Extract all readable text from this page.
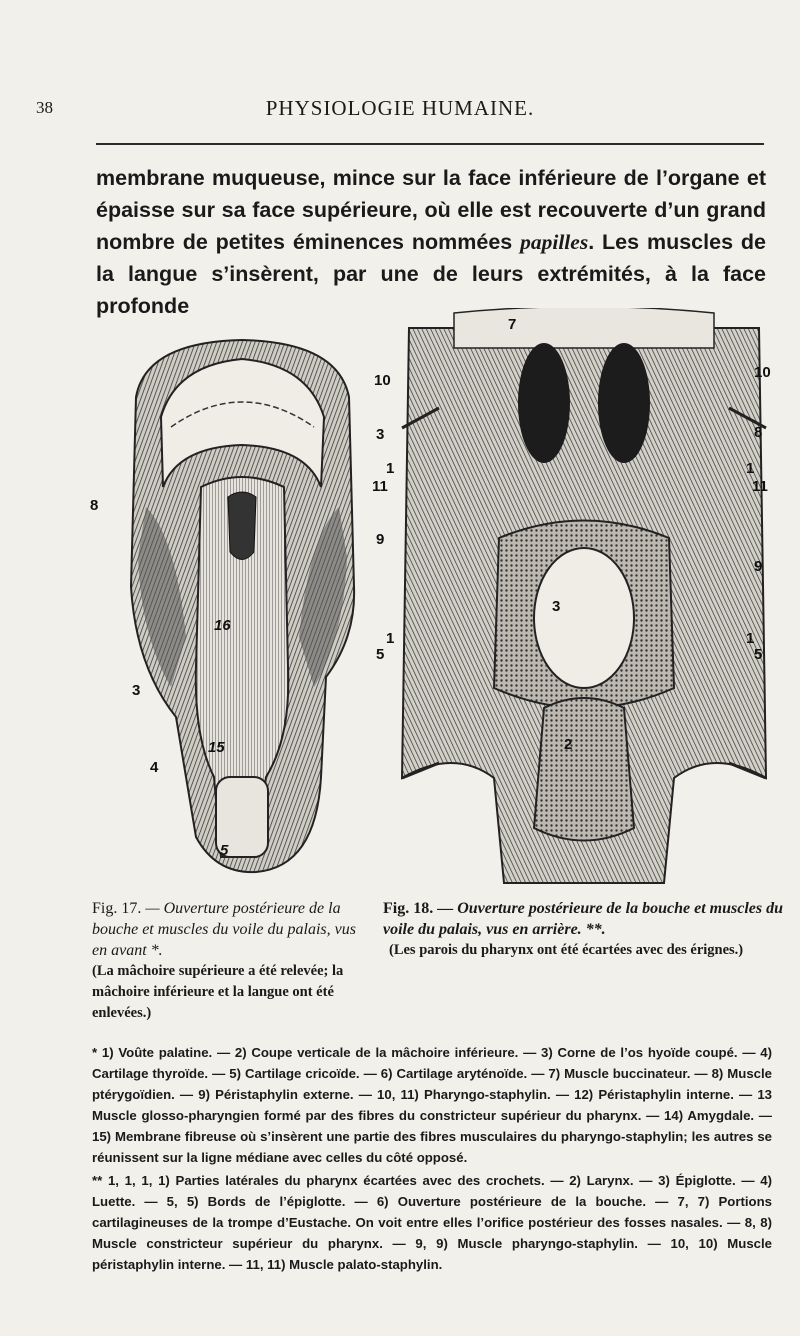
38	PHYSIOLOGIE HUMAINE.

membrane muqueuse, mince sur la face inférieure de l’organe et épaisse sur sa face supérieure, où elle est recouverte d’un grand nombre de petites éminences nommées papilles. Les muscles de la langue s’insèrent, par une de leurs extrémités, à la face profonde

8
16
3
15
4
5
10
3
1
11
9
1
5
10
8
1
11
9
1
5
7
3
2
Fig. 17. — Ouverture postérieure de la bouche et muscles du voile du palais, vus en avant *.
(La mâchoire supérieure a été relevée; la mâchoire inférieure et la langue ont été enlevées.)
Fig. 18. — Ouverture postérieure de la bouche et muscles du voile du palais, vus en arrière. **.
(Les parois du pharynx ont été écartées avec des érignes.)

* 1) Voûte palatine. — 2) Coupe verticale de la mâchoire inférieure. — 3) Corne de l’os hyoïde coupé. — 4) Cartilage thyroïde. — 5) Cartilage cricoïde. — 6) Cartilage aryténoïde. — 7) Muscle buccinateur. — 8) Muscle ptérygoïdien. — 9) Péristaphylin externe. — 10, 11) Pharyngo-staphylin. — 12) Péristaphylin interne. — 13 Muscle glosso-pharyngien formé par des fibres du constricteur supérieur du pharynx. — 14) Amygdale. — 15) Membrane fibreuse où s’insèrent une partie des fibres musculaires du pharyngo-staphylin; les autres se réunissent sur la ligne médiane avec celles du côté opposé.

** 1, 1, 1, 1) Parties latérales du pharynx écartées avec des crochets. — 2) Larynx. — 3) Épiglotte. — 4) Luette. — 5, 5) Bords de l’épiglotte. — 6) Ouverture postérieure de la bouche. — 7, 7) Portions cartilagineuses de la trompe d’Eustache. On voit entre elles l’orifice postérieur des fosses nasales. — 8, 8) Muscle constricteur supérieur du pharynx. — 9, 9) Muscle pharyngo-staphylin. — 10, 10) Muscle péristaphylin interne. — 11, 11) Muscle palato-staphylin.
